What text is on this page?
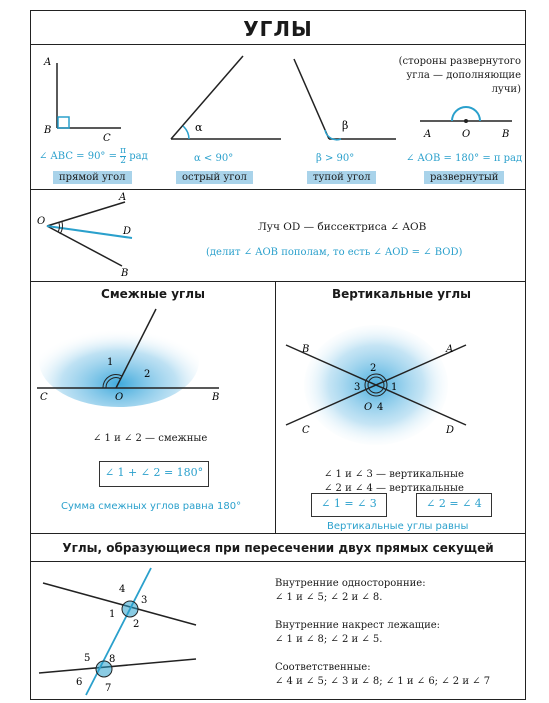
УГЛЫ
A
B
C
∠ ABC = $90^\circ = \frac{\pi}{2}$ рад
прямой угол
α
α < 90°
острый угол
β
β > 90°
тупой угол
(стороны развернутого угла — дополняющие лучи)
A	O	B
∠ AOB = 180° = π рад
развернутый
O
A
D
B
Луч OD — биссектриса ∠ AOB
(делит ∠ AOB пополам, то есть ∠ AOD = ∠ BOD)
Смежные углы
1
2
C	O	B
∠ 1 и ∠ 2 — смежные
∠ 1 + ∠ 2 = 180°
Сумма смежных углов равна 180°
Вертикальные углы
B	A
2
3	1
O 4
C	D
∠ 1 и ∠ 3 — вертикальные
∠ 2 и ∠ 4 — вертикальные
∠ 1 = ∠ 3	∠ 2 = ∠ 4
Вертикальные углы равны
Углы, образующиеся при пересечении двух прямых секущей
4
3
1
2
5 8
6
7
Внутренние односторонние:
∠ 1 и ∠ 5; ∠ 2 и ∠ 8.
Внутренние накрест лежащие:
∠ 1 и ∠ 8; ∠ 2 и ∠ 5.
Соответственные:
∠ 4 и ∠ 5; ∠ 3 и ∠ 8; ∠ 1 и ∠ 6; ∠ 2 и ∠ 7
